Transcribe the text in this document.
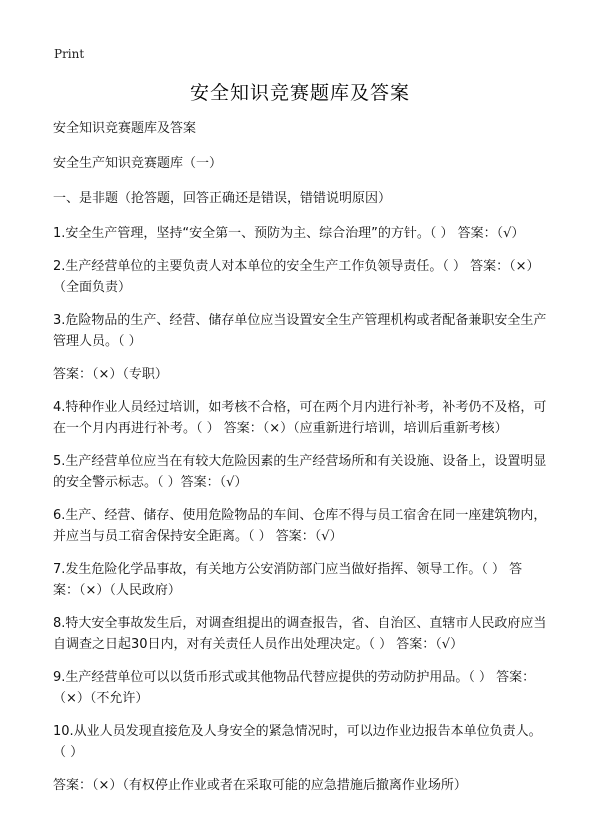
Print
安全知识竞赛题库及答案

安全知识竞赛题库及答案

安全生产知识竞赛题库（一）

一、是非题（抢答题，回答正确还是错误，错错说明原因）

1.安全生产管理，坚持“安全第一、预防为主、综合治理”的方针。（ ） 答案：（√）

2.生产经营单位的主要负责人对本单位的安全生产工作负领导责任。（ ） 答案：（×）（全面负责）

3.危险物品的生产、经营、储存单位应当设置安全生产管理机构或者配备兼职安全生产管理人员。（ ）

答案：（×）（专职）

4.特种作业人员经过培训，如考核不合格，可在两个月内进行补考，补考仍不及格，可在一个月内再进行补考。（ ） 答案：（×）（应重新进行培训，培训后重新考核）

5.生产经营单位应当在有较大危险因素的生产经营场所和有关设施、设备上，设置明显的安全警示标志。（ ）答案：（√）

6.生产、经营、储存、使用危险物品的车间、仓库不得与员工宿舍在同一座建筑物内，并应当与员工宿舍保持安全距离。（ ） 答案：（√）

7.发生危险化学品事故，有关地方公安消防部门应当做好指挥、领导工作。（ ） 答案：（×）（人民政府）

8.特大安全事故发生后，对调查组提出的调查报告，省、自治区、直辖市人民政府应当自调查之日起30日内，对有关责任人员作出处理决定。（ ） 答案：（√）

9.生产经营单位可以以货币形式或其他物品代替应提供的劳动防护用品。（ ） 答案：（×）（不允许）

10.从业人员发现直接危及人身安全的紧急情况时，可以边作业边报告本单位负责人。（ ）

答案：（×）（有权停止作业或者在采取可能的应急措施后撤离作业场所）
